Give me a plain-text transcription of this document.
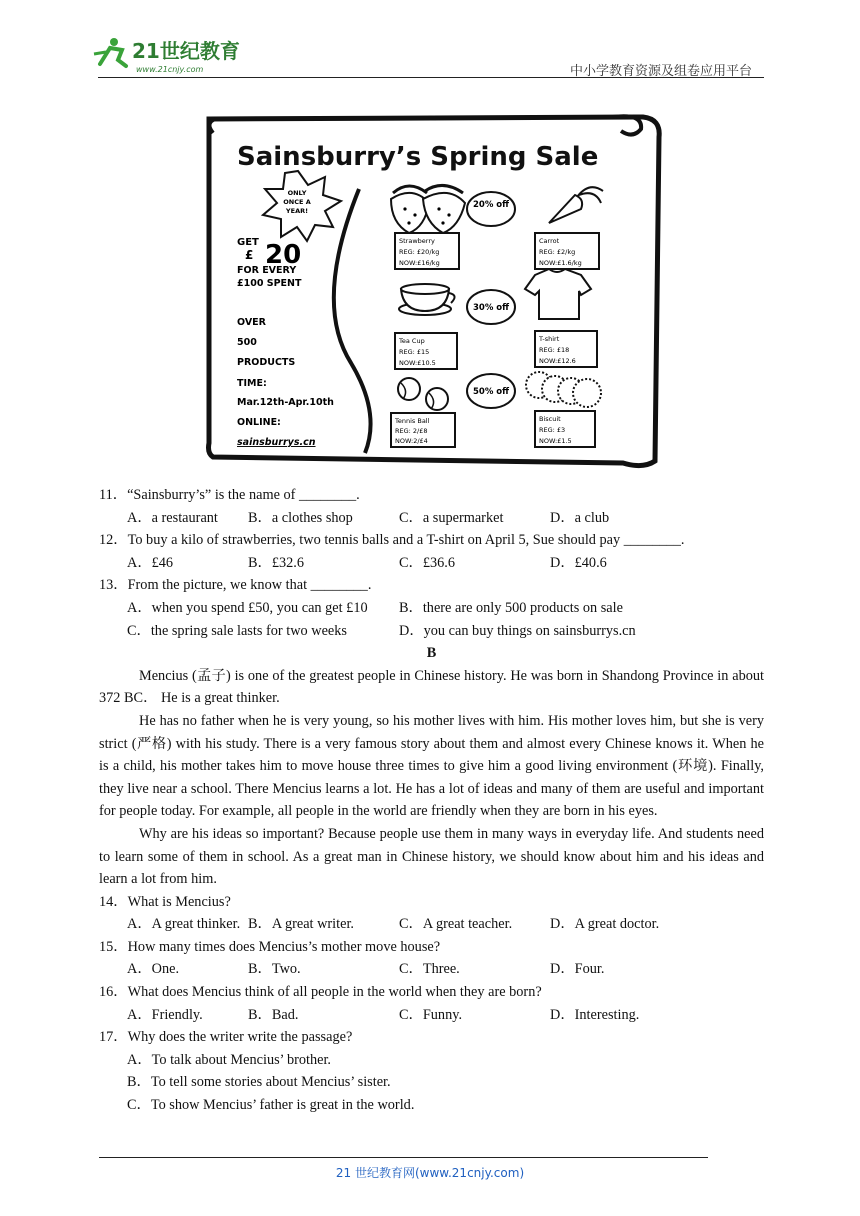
21世纪教育
www.21cnjy.com	中小学教育资源及组卷应用平台
Sainsburry’s Spring Sale
ONLY
ONCE A
YEAR!
GET
£ 20
FOR EVERY
£100 SPENT
OVER
500
PRODUCTS
TIME:
Mar.12th-Apr.10th
ONLINE:
sainsburrys.cn
20% off
30% off
50% off
Strawberry
REG: £20/kg
NOW:£16/kg
Carrot
REG: £2/kg
NOW:£1.6/kg
Tea Cup
REG: £15
NOW:£10.5
T-shirt
REG: £18
NOW:£12.6
Tennis Ball
REG: 2/£8
NOW:2/£4
Biscuit
REG: £3
NOW:£1.5
11．“Sainsburry’s” is the name of ________.
A．a restaurant B．a clothes shop	C．a supermarket	D．a club
12．To buy a kilo of strawberries, two tennis balls and a T-shirt on April 5, Sue should pay ________.
A．£46	B．£32.6	C．£36.6	D．£40.6
13．From the picture, we know that ________.
A．when you spend £50, you can get £10 B．there are only 500 products on sale
C．the spring sale lasts for two weeks	D．you can buy things on sainsburrys.cn
B

Mencius (孟子) is one of the greatest people in Chinese history. He was born in Shandong Province in about 372 BC． He is a great thinker.

He has no father when he is very young, so his mother lives with him. His mother loves him, but she is very strict (严格) with his study. There is a very famous story about them and almost every Chinese knows it. When he is a child, his mother takes him to move house three times to give him a good living environment (环境). Finally, they live near a school. There Mencius learns a lot. He has a lot of ideas and many of them are useful and important for people today. For example, all people in the world are friendly when they are born in his eyes.

Why are his ideas so important? Because people use them in many ways in everyday life. And students need to learn some of them in school. As a great man in Chinese history, we should know about him and his ideas and learn a lot from him.

14．What is Mencius?
A．A great thinker. B．A great writer.	C．A great teacher.	D．A great doctor.
15．How many times does Mencius’s mother move house?
A．One.	B．Two.	C．Three.	D．Four.
16．What does Mencius think of all people in the world when they are born?
A．Friendly.	B．Bad.	C．Funny.	D．Interesting.
17．Why does the writer write the passage?
A．To talk about Mencius’ brother.
B．To tell some stories about Mencius’ sister.
C．To show Mencius’ father is great in the world.
21 世纪教育网(www.21cnjy.com)
